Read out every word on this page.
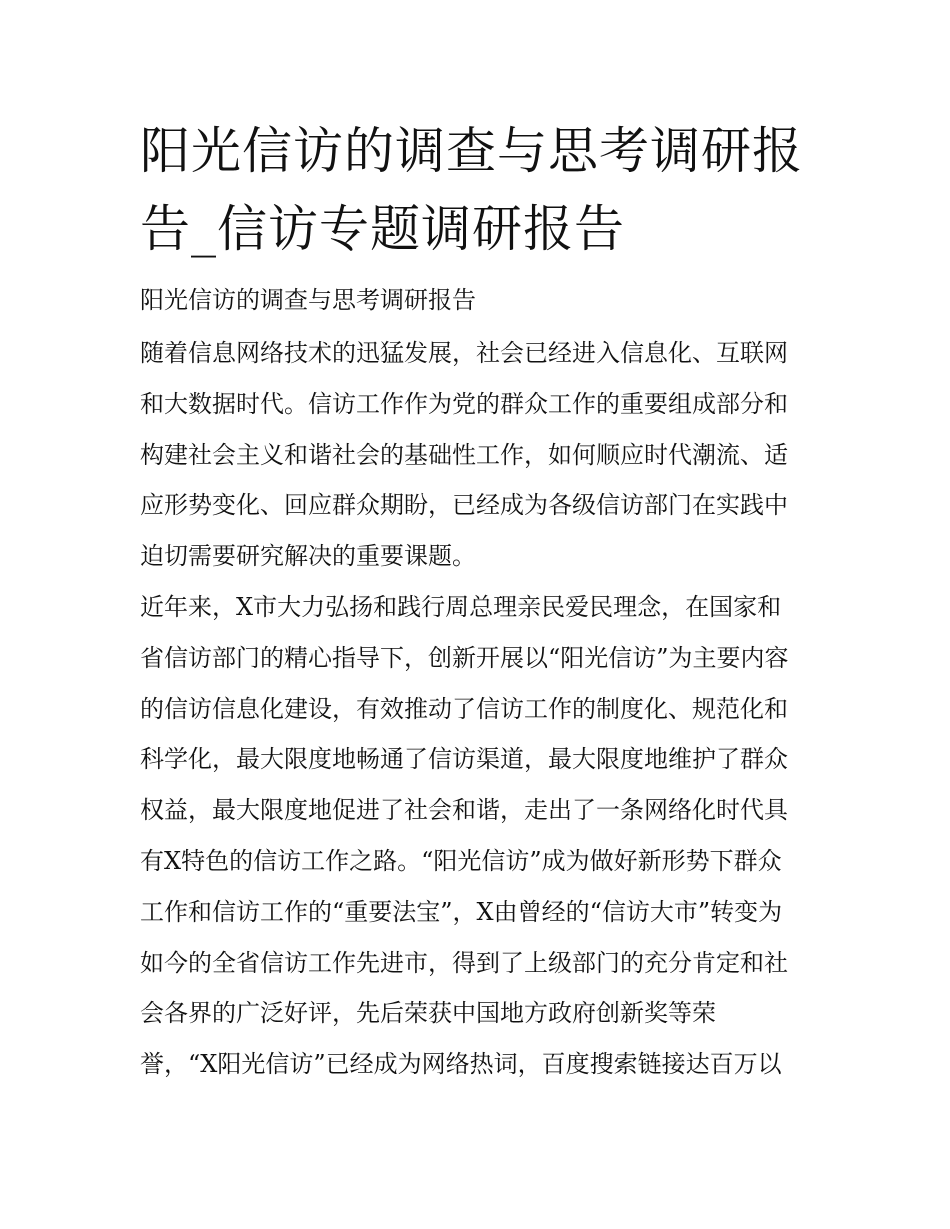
阳光信访的调查与思考调研报告_信访专题调研报告

阳光信访的调查与思考调研报告

随着信息网络技术的迅猛发展，社会已经进入信息化、互联网
和大数据时代。信访工作作为党的群众工作的重要组成部分和
构建社会主义和谐社会的基础性工作，如何顺应时代潮流、适
应形势变化、回应群众期盼，已经成为各级信访部门在实践中
迫切需要研究解决的重要课题。

近年来，X市大力弘扬和践行周总理亲民爱民理念，在国家和
省信访部门的精心指导下，创新开展以“阳光信访”为主要内容
的信访信息化建设，有效推动了信访工作的制度化、规范化和
科学化，最大限度地畅通了信访渠道，最大限度地维护了群众
权益，最大限度地促进了社会和谐，走出了一条网络化时代具
有X特色的信访工作之路。“阳光信访”成为做好新形势下群众
工作和信访工作的“重要法宝”，X由曾经的“信访大市”转变为
如今的全省信访工作先进市，得到了上级部门的充分肯定和社
会各界的广泛好评，先后荣获中国地方政府创新奖等荣
誉，“X阳光信访”已经成为网络热词，百度搜索链接达百万以
